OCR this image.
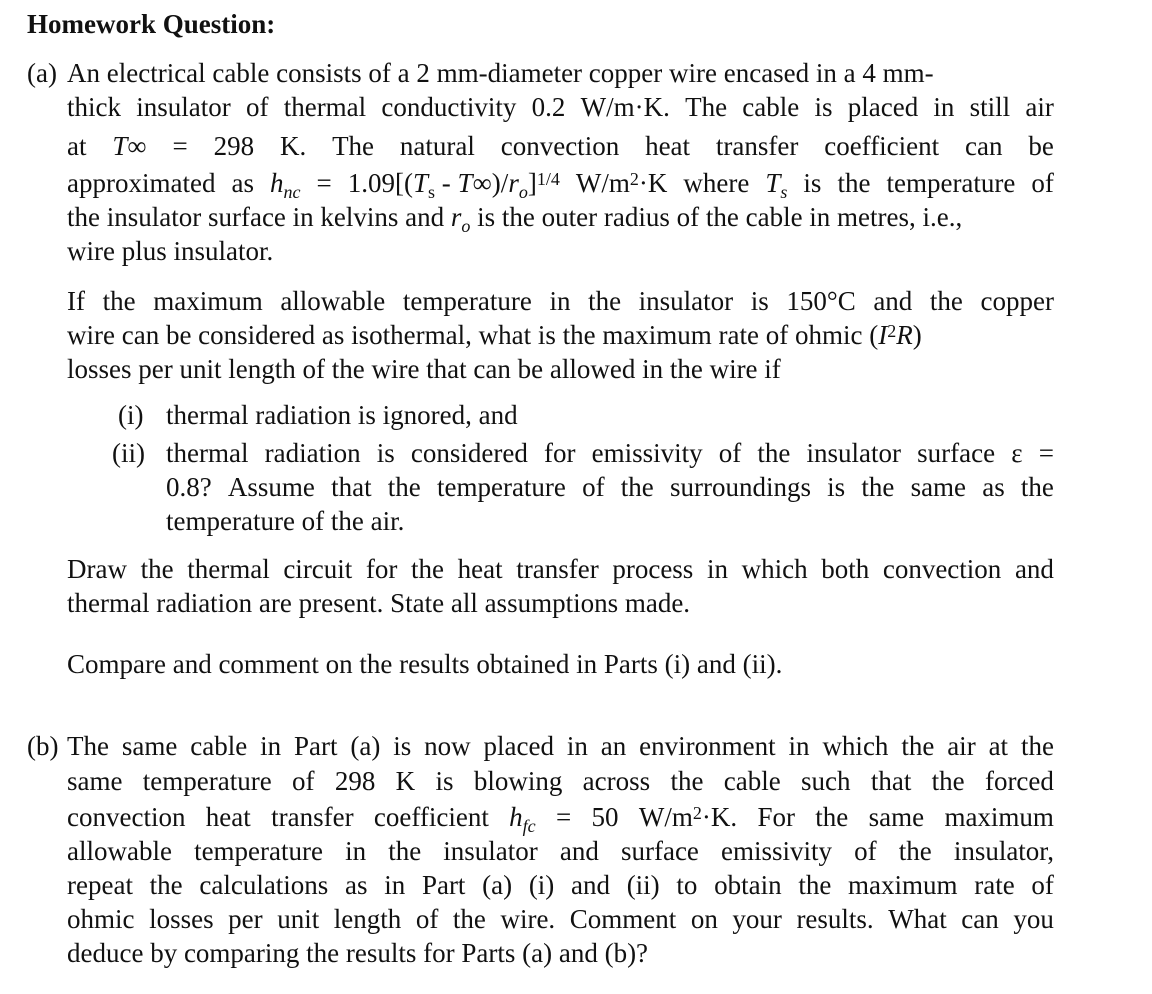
Homework Question:
(a) An electrical cable consists of a 2 mm-diameter copper wire encased in a 4 mm-
thick insulator of thermal conductivity 0.2 W/m·K. The cable is placed in still air
at T∞ = 298 K. The natural convection heat transfer coefficient can be
approximated as $h_{nc} = 1.09[(T_s - T\infty)/r_o]^{1/4}$ $W/m^2\cdot K$ where $T_s$ is the temperature of
the insulator surface in kelvins and $r_o$ is the outer radius of the cable in metres, i.e.,
wire plus insulator.
If the maximum allowable temperature in the insulator is 150°C and the copper
wire can be considered as isothermal, what is the maximum rate of ohmic $(I^2R)$
losses per unit length of the wire that can be allowed in the wire if
(i) thermal radiation is ignored, and
(ii) thermal radiation is considered for emissivity of the insulator surface ε =
0.8? Assume that the temperature of the surroundings is the same as the
temperature of the air.
Draw the thermal circuit for the heat transfer process in which both convection and
thermal radiation are present. State all assumptions made.
Compare and comment on the results obtained in Parts (i) and (ii).
(b) The same cable in Part (a) is now placed in an environment in which the air at the
same temperature of 298 K is blowing across the cable such that the forced
convection heat transfer coefficient $h_{fc} = 50$ $W/m^2\cdot K$. For the same maximum
allowable temperature in the insulator and surface emissivity of the insulator,
repeat the calculations as in Part (a) (i) and (ii) to obtain the maximum rate of
ohmic losses per unit length of the wire. Comment on your results. What can you
deduce by comparing the results for Parts (a) and (b)?
